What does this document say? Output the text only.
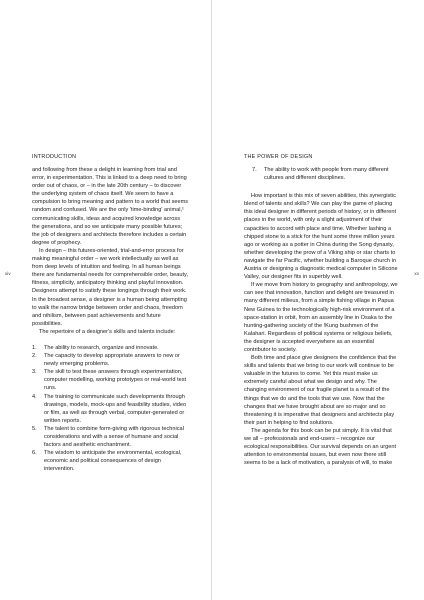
INTRODUCTION
xiv

and following from these a delight in learning from trial and error, in experimentation. This is linked to a deep need to bring order out of chaos, or – in the late 20th century – to discover the underlying system of chaos itself. We seem to have a compulsion to bring meaning and pattern to a world that seems random and confused. We are the only 'time-binding' animal,¹ communicating skills, ideas and acquired knowledge across the generations, and so we anticipate many possible futures; the job of designers and architects therefore includes a certain degree of prophecy.

In design – this futures-oriented, trial-and-error process for making meaningful order – we work intellectually as well as from deep levels of intuition and feeling. In all human beings there are fundamental needs for comprehensible order, beauty, fitness, simplicity, anticipatory thinking and playful innovation. Designers attempt to satisfy these longings through their work. In the broadest sense, a designer is a human being attempting to walk the narrow bridge between order and chaos, freedom and nihilism, between past achievements and future possibilities.

The repertoire of a designer's skills and talents include:

1.	The ability to research, organize and innovate.
2.	The capacity to develop appropriate answers to new or newly emerging problems.
3.	The skill to test these answers through experimentation, computer modelling, working prototypes or real-world test runs.
4.	The training to communicate such developments through drawings, models, mock-ups and feasibility studies, video or film, as well as through verbal, computer-generated or written reports.
5.	The talent to combine form-giving with rigorous technical considerations and with a sense of humane and social factors and aesthetic enchantment.
6.	The wisdom to anticipate the environmental, ecological, economic and political consequences of design intervention.
THE POWER OF DESIGN
xv
7.	The ability to work with people from many different cultures and different disciplines.

How important is this mix of seven abilities, this synergistic blend of talents and skills? We can play the game of placing this ideal designer in different periods of history, or in different places in the world, with only a slight adjustment of their capacities to accord with place and time. Whether lashing a chipped stone to a stick for the hunt some three million years ago or working as a potter in China during the Song dynasty, whether developing the prow of a Viking ship or star charts to navigate the far Pacific, whether building a Baroque church in Austria or designing a diagnostic medical computer in Silicone Valley, our designer fits in superbly well.

If we move from history to geography and anthropology, we can see that innovation, function and delight are treasured in many different milieus, from a simple fishing village in Papua New Guinea to the technologically high-risk environment of a space-station in orbit, from an assembly line in Osaka to the hunting-gathering society of the !Kung bushmen of the Kalahari. Regardless of political systems or religious beliefs, the designer is accepted everywhere as an essential contributor to society.

Both time and place give designers the confidence that the skills and talents that we bring to our work will continue to be valuable in the futures to come. Yet this must make us extremely careful about what we design and why. The changing environment of our fragile planet is a result of the things that we do and the tools that we use. Now that the changes that we have brought about are so major and so threatening it is imperative that designers and architects play their part in helping to find solutions.

The agenda for this book can be put simply. It is vital that we all – professionals and end-users – recognize our ecological responsibilities. Our survival depends on an urgent attention to environmental issues, but even now there still seems to be a lack of motivation, a paralysis of will, to make
